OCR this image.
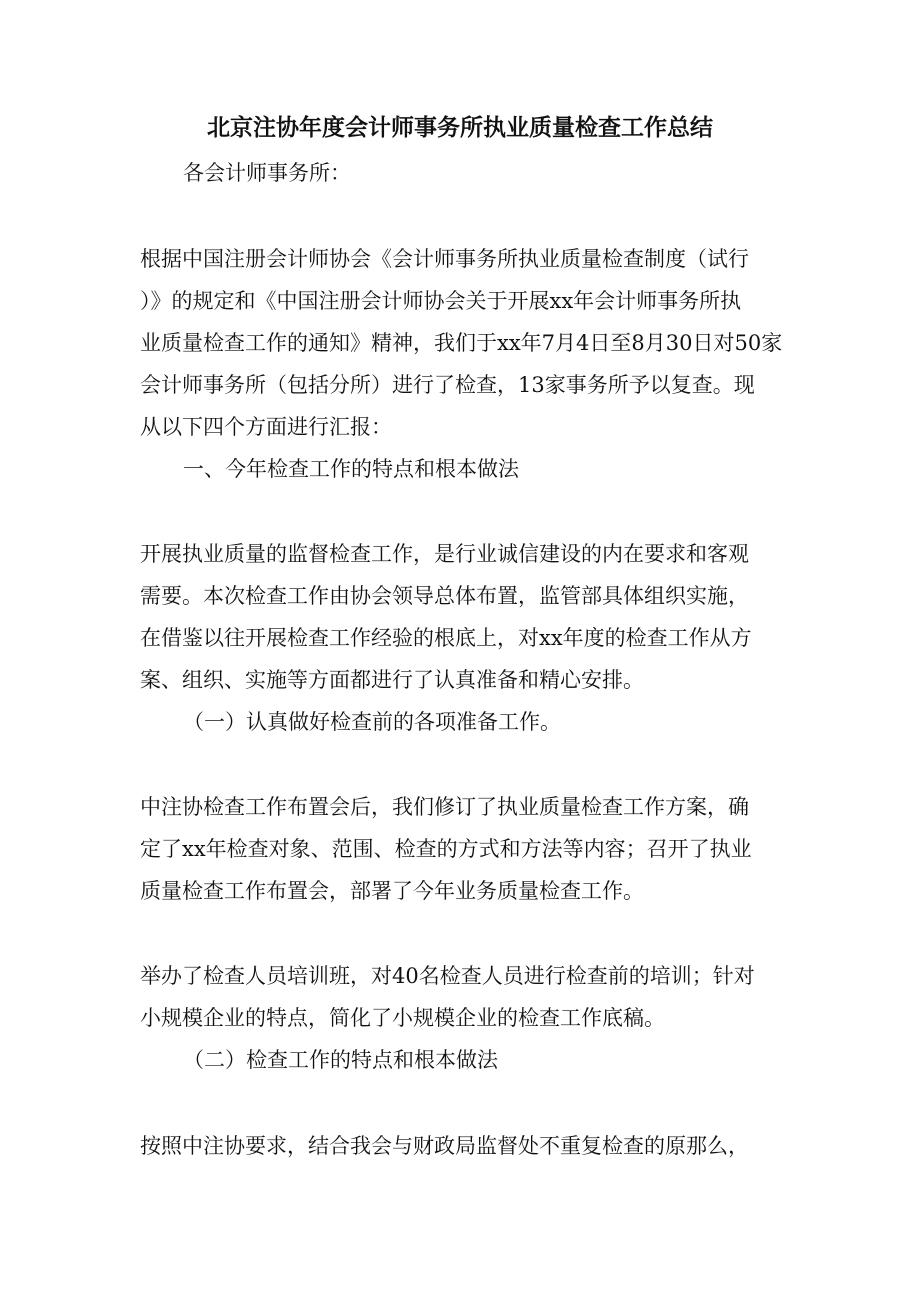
北京注协年度会计师事务所执业质量检查工作总结
各会计师事务所：
根据中国注册会计师协会《会计师事务所执业质量检查制度（试行
）》的规定和《中国注册会计师协会关于开展xx年会计师事务所执
业质量检查工作的通知》精神，我们于xx年7月4日至8月30日对50家
会计师事务所（包括分所）进行了检查，13家事务所予以复查。现
从以下四个方面进行汇报：
一、今年检查工作的特点和根本做法
开展执业质量的监督检查工作，是行业诚信建设的内在要求和客观
需要。本次检查工作由协会领导总体布置，监管部具体组织实施，
在借鉴以往开展检查工作经验的根底上，对xx年度的检查工作从方
案、组织、实施等方面都进行了认真准备和精心安排。
（一）认真做好检查前的各项准备工作。
中注协检查工作布置会后，我们修订了执业质量检查工作方案，确
定了xx年检查对象、范围、检查的方式和方法等内容；召开了执业
质量检查工作布置会，部署了今年业务质量检查工作。
举办了检查人员培训班，对40名检查人员进行检查前的培训；针对
小规模企业的特点，简化了小规模企业的检查工作底稿。
（二）检查工作的特点和根本做法
按照中注协要求，结合我会与财政局监督处不重复检查的原那么，
